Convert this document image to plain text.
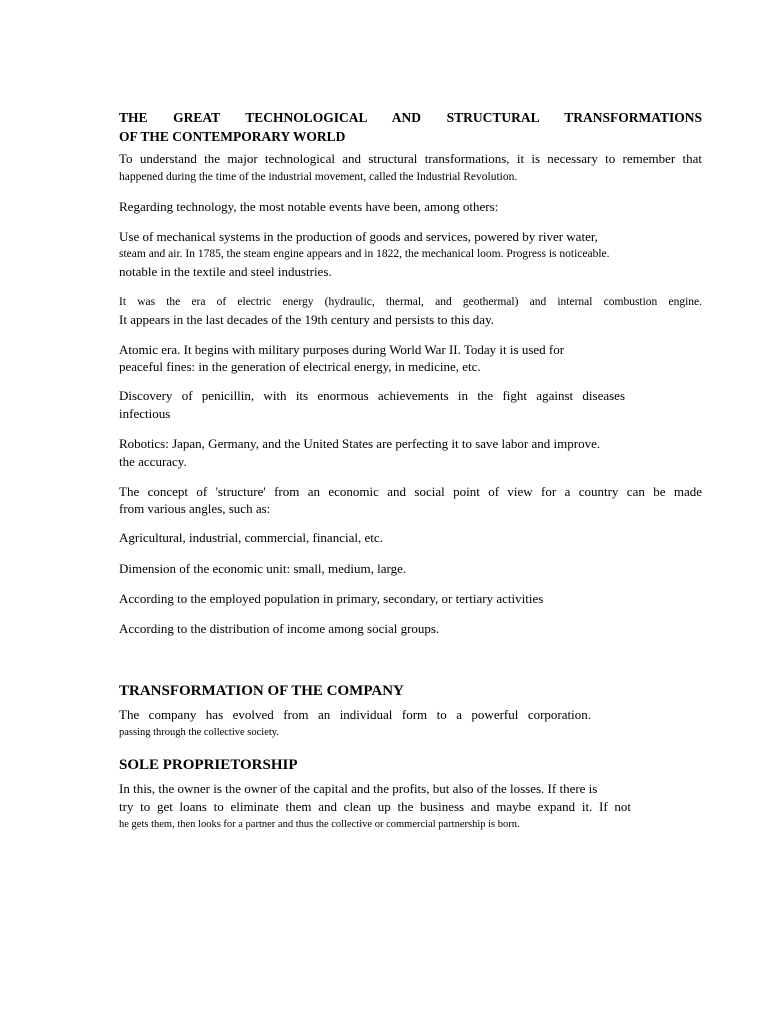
THE GREAT TECHNOLOGICAL AND STRUCTURAL TRANSFORMATIONS

OF THE CONTEMPORARY WORLD

To understand the major technological and structural transformations, it is necessary to remember that

happened during the time of the industrial movement, called the Industrial Revolution.

Regarding technology, the most notable events have been, among others:

Use of mechanical systems in the production of goods and services, powered by river water,

steam and air. In 1785, the steam engine appears and in 1822, the mechanical loom. Progress is noticeable.

notable in the textile and steel industries.

It was the era of electric energy (hydraulic, thermal, and geothermal) and internal combustion engine.

It appears in the last decades of the 19th century and persists to this day.

Atomic era. It begins with military purposes during World War II. Today it is used for

peaceful fines: in the generation of electrical energy, in medicine, etc.

Discovery of penicillin, with its enormous achievements in the fight against diseases

infectious

Robotics: Japan, Germany, and the United States are perfecting it to save labor and improve.

the accuracy.

The concept of 'structure' from an economic and social point of view for a country can be made

from various angles, such as:

Agricultural, industrial, commercial, financial, etc.

Dimension of the economic unit: small, medium, large.

According to the employed population in primary, secondary, or tertiary activities

According to the distribution of income among social groups.

TRANSFORMATION OF THE COMPANY

The company has evolved from an individual form to a powerful corporation.

passing through the collective society.

SOLE PROPRIETORSHIP

In this, the owner is the owner of the capital and the profits, but also of the losses. If there is

try to get loans to eliminate them and clean up the business and maybe expand it. If not

he gets them, then looks for a partner and thus the collective or commercial partnership is born.
